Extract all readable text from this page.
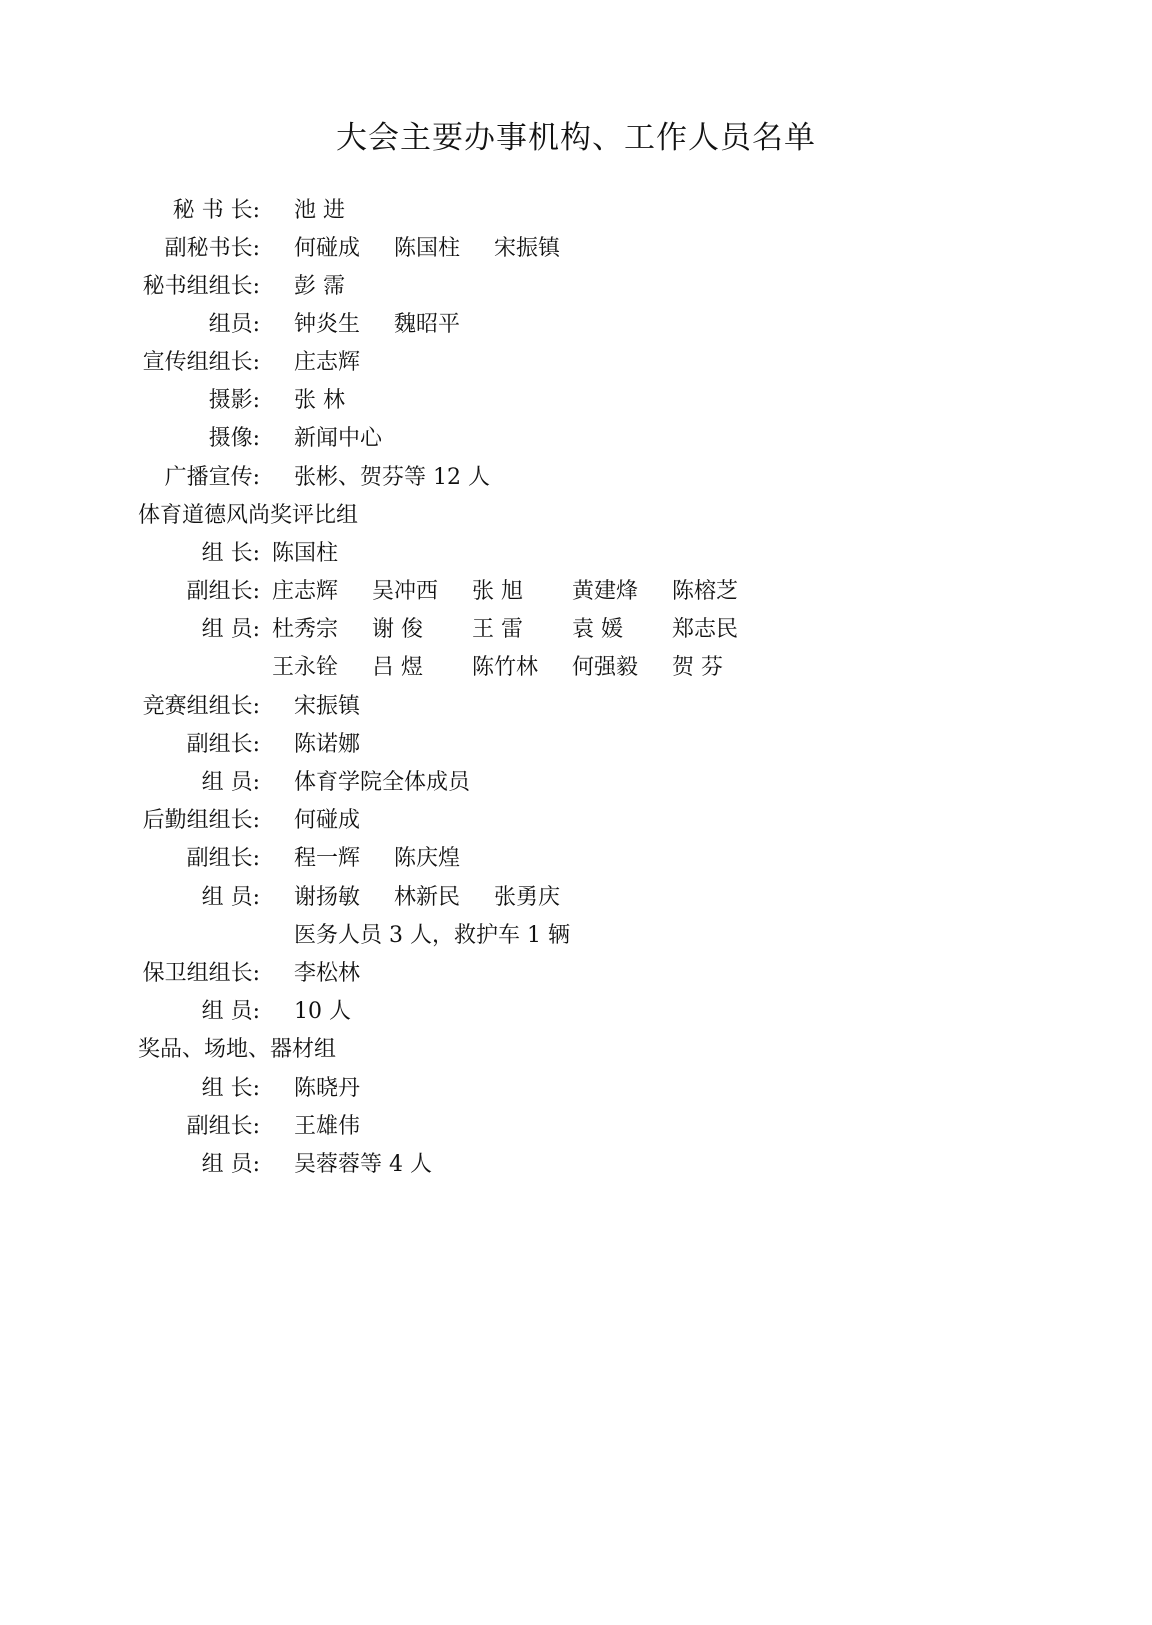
大会主要办事机构、工作人员名单
秘 书 长: 池 进
副秘书长: 何碰成 陈国柱 宋振镇
秘书组组长: 彭 霈
组员: 钟炎生 魏昭平
宣传组组长: 庄志辉
摄影: 张 林
摄像: 新闻中心
广播宣传: 张彬、贺芬等 12 人
体育道德风尚奖评比组
组 长: 陈国柱
副组长: 庄志辉 吴冲西 张 旭 黄建烽 陈榕芝
组 员: 杜秀宗 谢 俊 王 雷 袁 媛 郑志民
王永铨 吕 煜 陈竹林 何强毅 贺 芬
竞赛组组长: 宋振镇
副组长: 陈诺娜
组 员: 体育学院全体成员
后勤组组长: 何碰成
副组长: 程一辉 陈庆煌
组 员: 谢扬敏 林新民 张勇庆
医务人员 3 人，救护车 1 辆
保卫组组长: 李松林
组 员: 10 人
奖品、场地、器材组
组 长: 陈晓丹
副组长: 王雄伟
组 员: 吴蓉蓉等 4 人
